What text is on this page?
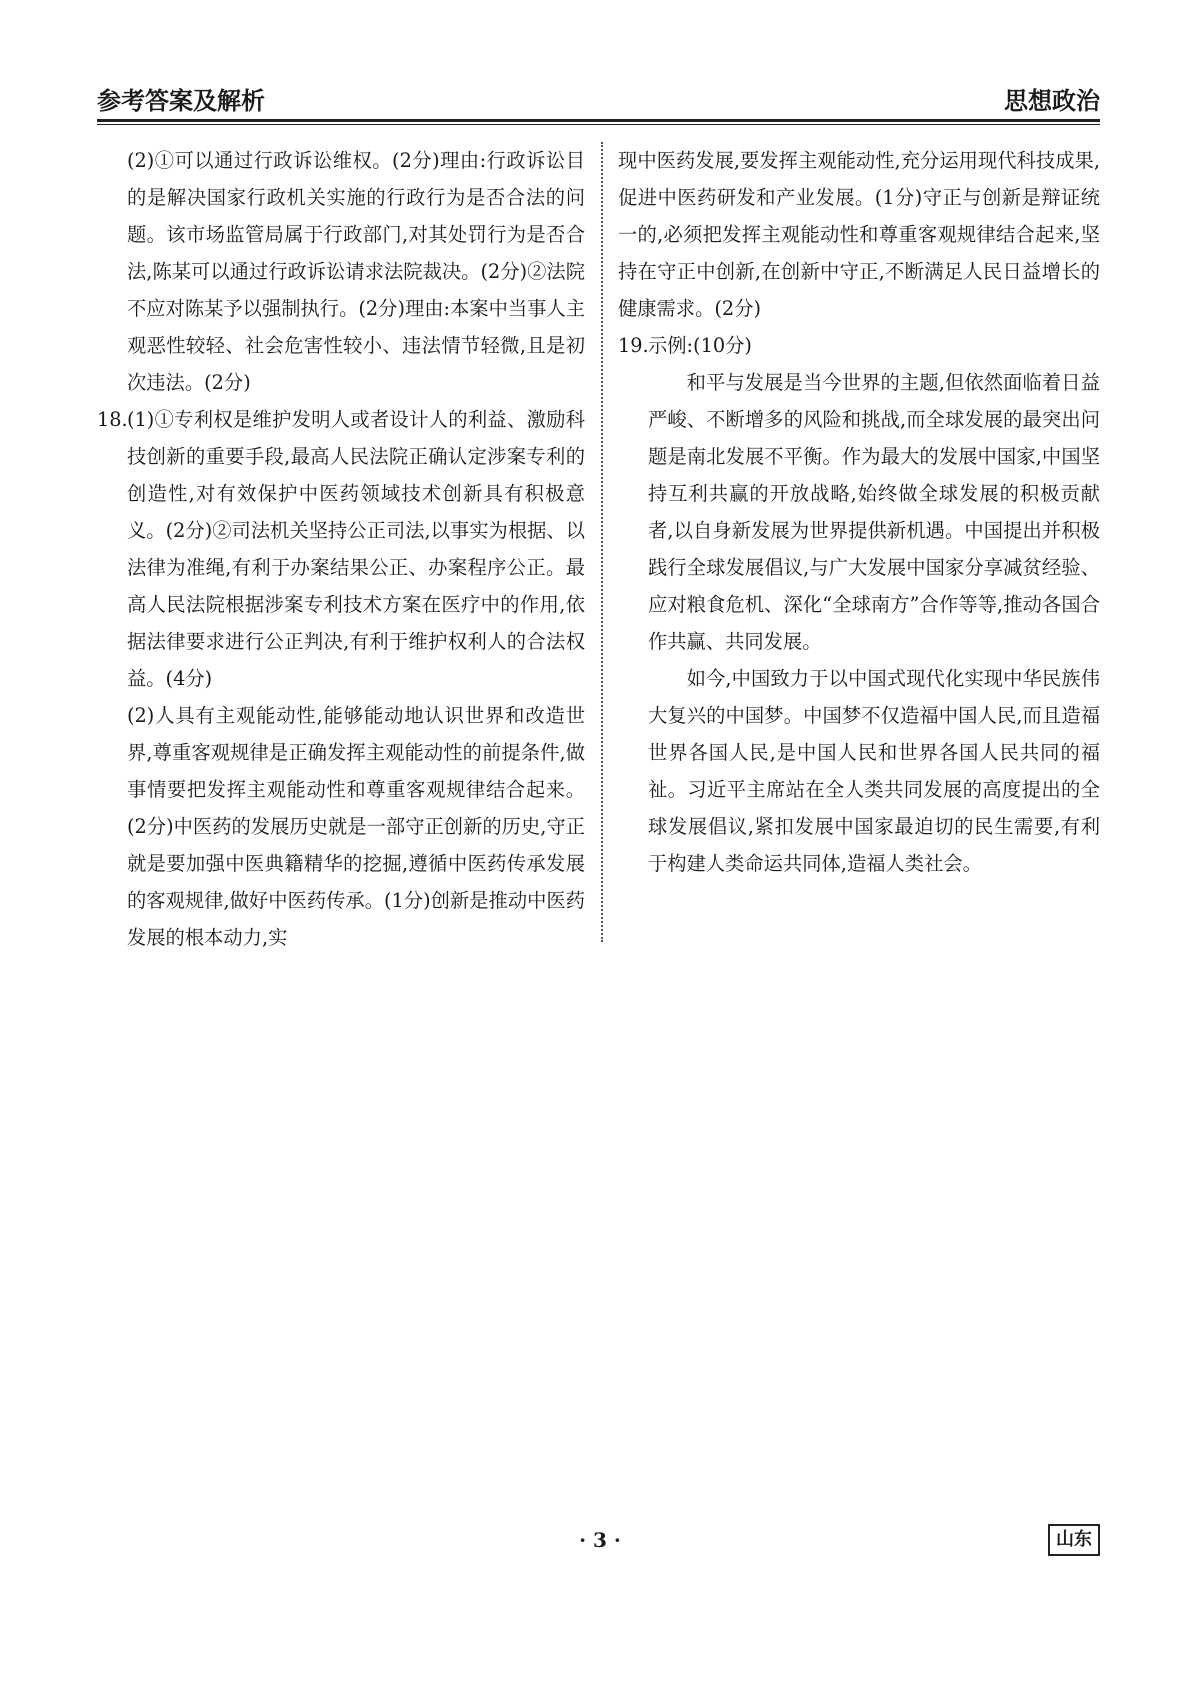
参考答案及解析	思想政治

(2)①可以通过行政诉讼维权。(2分)理由:行政诉讼目的是解决国家行政机关实施的行政行为是否合法的问题。该市场监管局属于行政部门,对其处罚行为是否合法,陈某可以通过行政诉讼请求法院裁决。(2分)②法院不应对陈某予以强制执行。(2分)理由:本案中当事人主观恶性较轻、社会危害性较小、违法情节轻微,且是初次违法。(2分)

18. (1)①专利权是维护发明人或者设计人的利益、激励科技创新的重要手段,最高人民法院正确认定涉案专利的创造性,对有效保护中医药领域技术创新具有积极意义。(2分)②司法机关坚持公正司法,以事实为根据、以法律为准绳,有利于办案结果公正、办案程序公正。最高人民法院根据涉案专利技术方案在医疗中的作用,依据法律要求进行公正判决,有利于维护权利人的合法权益。(4分)

(2)人具有主观能动性,能够能动地认识世界和改造世界,尊重客观规律是正确发挥主观能动性的前提条件,做事情要把发挥主观能动性和尊重客观规律结合起来。(2分)中医药的发展历史就是一部守正创新的历史,守正就是要加强中医典籍精华的挖掘,遵循中医药传承发展的客观规律,做好中医药传承。(1分)创新是推动中医药发展的根本动力,实

现中医药发展,要发挥主观能动性,充分运用现代科技成果,促进中医药研发和产业发展。(1分)守正与创新是辩证统一的,必须把发挥主观能动性和尊重客观规律结合起来,坚持在守正中创新,在创新中守正,不断满足人民日益增长的健康需求。(2分)

19. 示例:(10分)

和平与发展是当今世界的主题,但依然面临着日益严峻、不断增多的风险和挑战,而全球发展的最突出问题是南北发展不平衡。作为最大的发展中国家,中国坚持互利共赢的开放战略,始终做全球发展的积极贡献者,以自身新发展为世界提供新机遇。中国提出并积极践行全球发展倡议,与广大发展中国家分享减贫经验、应对粮食危机、深化“全球南方”合作等等,推动各国合作共赢、共同发展。

如今,中国致力于以中国式现代化实现中华民族伟大复兴的中国梦。中国梦不仅造福中国人民,而且造福世界各国人民,是中国人民和世界各国人民共同的福祉。习近平主席站在全人类共同发展的高度提出的全球发展倡议,紧扣发展中国家最迫切的民生需要,有利于构建人类命运共同体,造福人类社会。

· 3 ·	山东
